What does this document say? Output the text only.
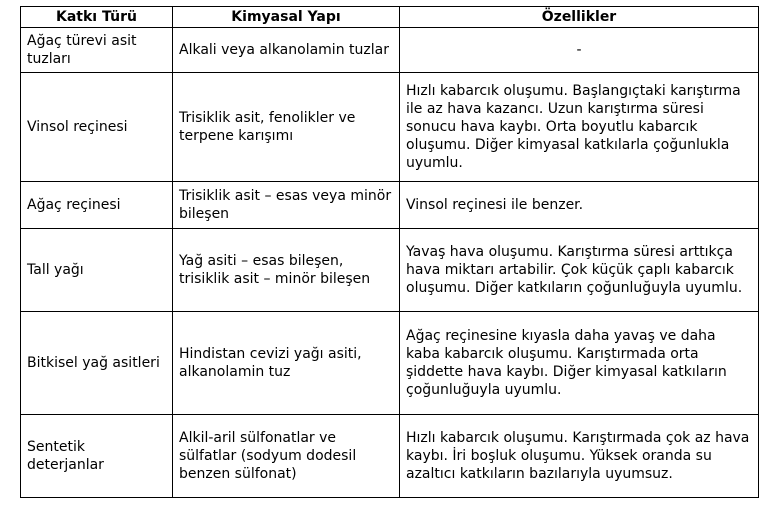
Katkı Türü	Kimyasal Yapı	Özellikler
Ağaç türevi asit tuzları	Alkali veya alkanolamin tuzlar	-
Vinsol reçinesi	Trisiklik asit, fenolikler ve terpene karışımı	Hızlı kabarcık oluşumu. Başlangıçtaki karıştırma ile az hava kazancı. Uzun karıştırma süresi sonucu hava kaybı. Orta boyutlu kabarcık oluşumu. Diğer kimyasal katkılarla çoğunlukla uyumlu.
Ağaç reçinesi	Trisiklik asit – esas veya minör bileşen	Vinsol reçinesi ile benzer.
Tall yağı	Yağ asiti – esas bileşen, trisiklik asit – minör bileşen	Yavaş hava oluşumu. Karıştırma süresi arttıkça hava miktarı artabilir. Çok küçük çaplı kabarcık oluşumu. Diğer katkıların çoğunluğuyla uyumlu.
Bitkisel yağ asitleri	Hindistan cevizi yağı asiti, alkanolamin tuz	Ağaç reçinesine kıyasla daha yavaş ve daha kaba kabarcık oluşumu. Karıştırmada orta şiddette hava kaybı. Diğer kimyasal katkıların çoğunluğuyla uyumlu.
Sentetik deterjanlar	Alkil-aril sülfonatlar ve sülfatlar (sodyum dodesil benzen sülfonat)	Hızlı kabarcık oluşumu. Karıştırmada çok az hava kaybı. İri boşluk oluşumu. Yüksek oranda su azaltıcı katkıların bazılarıyla uyumsuz.
